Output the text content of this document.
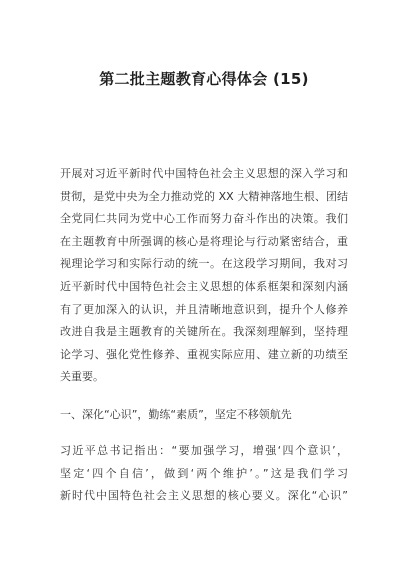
第二批主题教育心得体会 (15)
开展对习近平新时代中国特色社会主义思想的深入学习和
贯彻，是党中央为全力推动党的 XX 大精神落地生根、团结
全党同仁共同为党中心工作而努力奋斗作出的决策。我们
在主题教育中所强调的核心是将理论与行动紧密结合，重
视理论学习和实际行动的统一。在这段学习期间，我对习
近平新时代中国特色社会主义思想的体系框架和深刻内涵
有了更加深入的认识，并且清晰地意识到，提升个人修养
改进自我是主题教育的关键所在。我深刻理解到，坚持理
论学习、强化党性修养、重视实际应用、建立新的功绩至
关重要。

一、深化“心识”，勤练“素质”，坚定不移领航先

习近平总书记指出：“要加强学习，增强‘四个意识’，
坚定‘四个自信’，做到‘两个维护’。”这是我们学习
新时代中国特色社会主义思想的核心要义。深化“心识”
